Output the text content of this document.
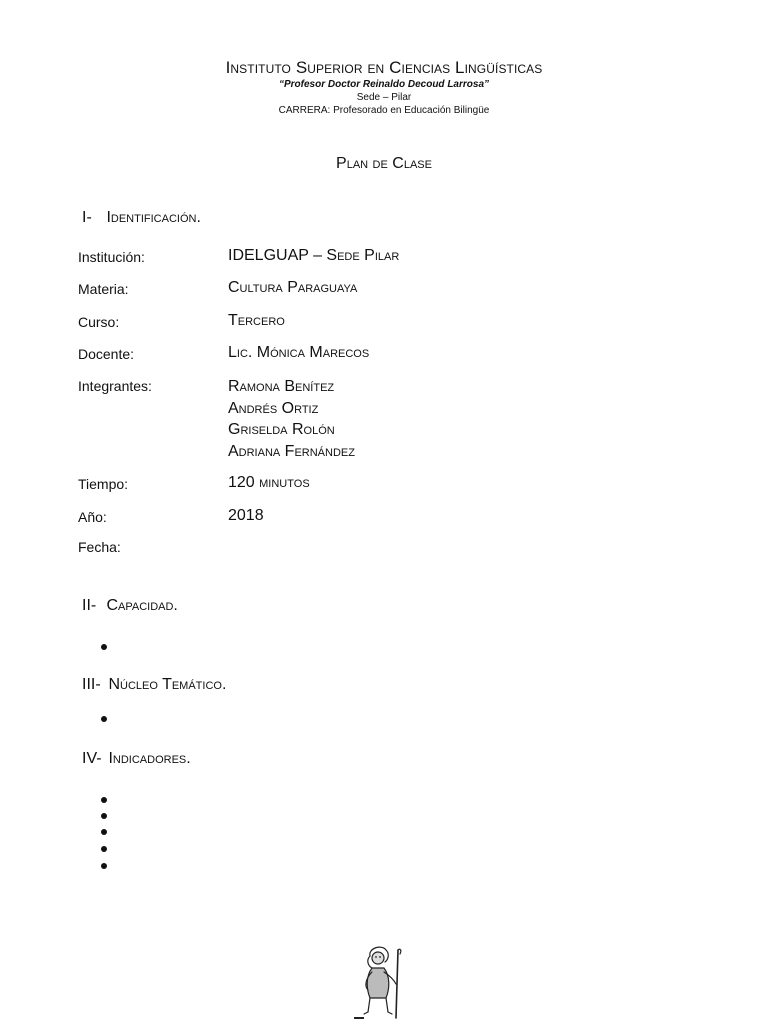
Instituto Superior en Ciencias Lingüísticas
“Profesor Doctor Reinaldo Decoud Larrosa”
Sede – Pilar
CARRERA: Profesorado en Educación Bilingüe
Plan de Clase
I- Identificación.
Institución:	IDELGUAP – Sede Pilar
Materia:	Cultura Paraguaya
Curso:	Tercero
Docente:	Lic. Mónica Marecos
Integrantes:	Ramona Benítez
Andrés Ortiz
Griselda Rolón
Adriana Fernández
Tiempo:	120 minutos
Año:	2018
Fecha:
II- Capacidad.
III- Núcleo Temático.
IV- Indicadores.
